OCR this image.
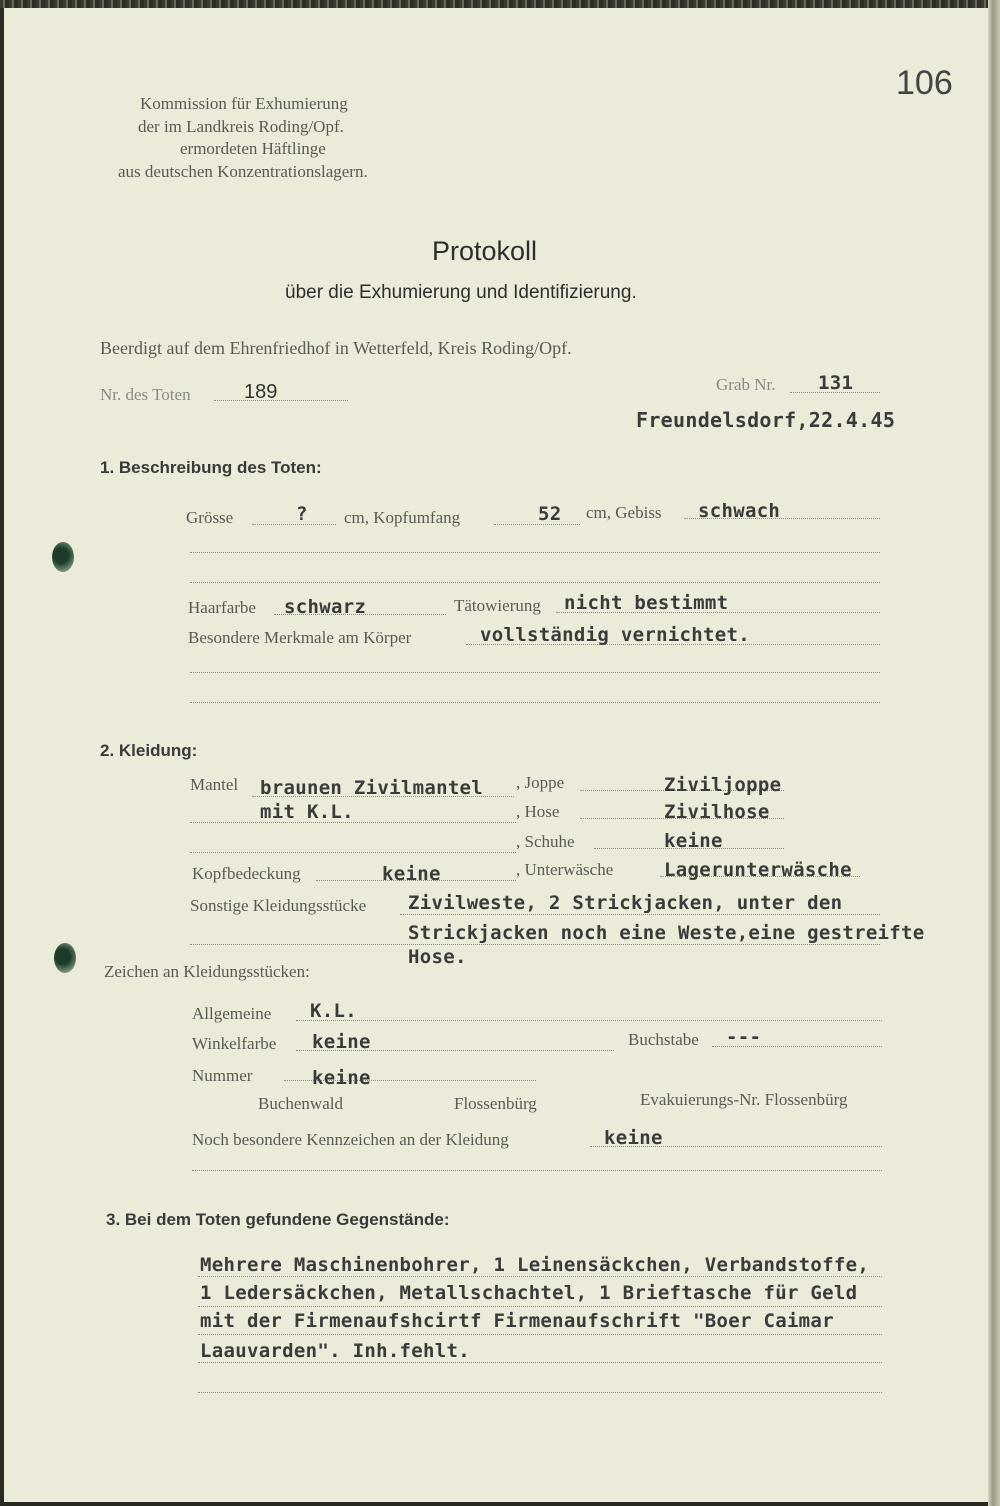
106
Kommission für Exhumierung
der im Landkreis Roding/Opf.
ermordeten Häftlinge
aus deutschen Konzentrationslagern.
Protokoll
über die Exhumierung und Identifizierung.
Beerdigt auf dem Ehrenfriedhof in Wetterfeld, Kreis Roding/Opf.
Nr. des Toten	189	Grab Nr. 131
Freundelsdorf,22.4.45
1. Beschreibung des Toten:
Grösse	? cm, Kopfumfang	52 cm, Gebiss schwach
Haarfarbe schwarz	Tätowierung nicht bestimmt
Besondere Merkmale am Körper	vollständig vernichtet.
2. Kleidung:
Mantel braunen Zivilmantel , Joppe	Ziviljoppe
mit K.L.	, Hose	Zivilhose
, Schuhe	keine
Kopfbedeckung	keine	, Unterwäsche	Lagerunterwäsche
Sonstige Kleidungsstücke Zivilweste, 2 Strickjacken, unter den
Strickjacken noch eine Weste,eine gestreifte
Hose.
Zeichen an Kleidungsstücken:
Allgemeine K.L.
Winkelfarbe keine	Buchstabe ---
Nummer	keine
Buchenwald	Flossenbürg	Evakuierungs-Nr. Flossenbürg
Noch besondere Kennzeichen an der Kleidung	keine
3. Bei dem Toten gefundene Gegenstände:
Mehrere Maschinenbohrer, 1 Leinensäckchen, Verbandstoffe,
1 Ledersäckchen, Metallschachtel, 1 Brieftasche für Geld
mit der Firmenaufshcirtf Firmenaufschrift "Boer Caimar
Laauvarden". Inh.fehlt.
